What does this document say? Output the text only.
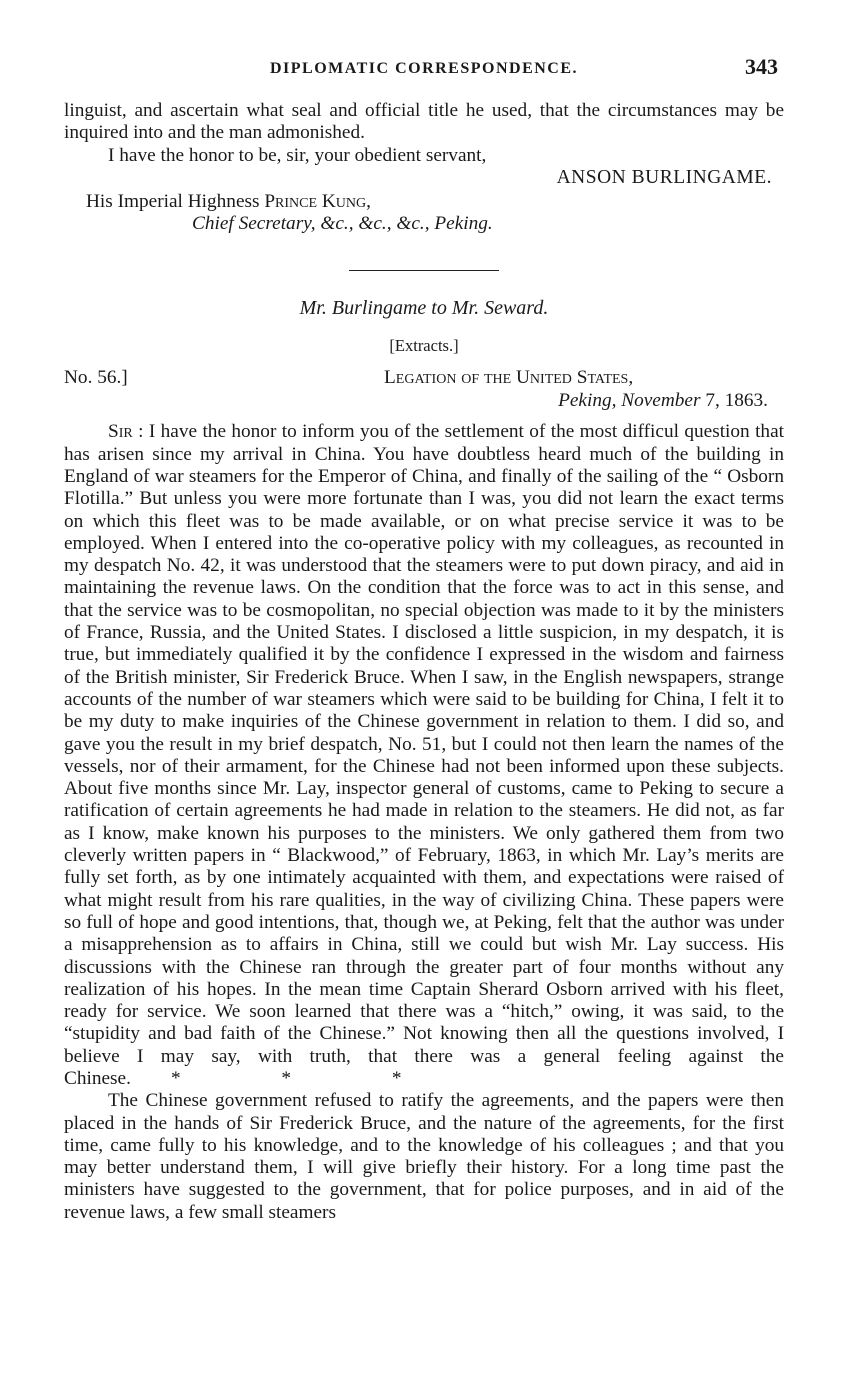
DIPLOMATIC CORRESPONDENCE.	343

linguist, and ascertain what seal and official title he used, that the circumstances may be inquired into and the man admonished.

I have the honor to be, sir, your obedient servant,

ANSON BURLINGAME.

His Imperial Highness Prince Kung,

Chief Secretary, &c., &c., &c., Peking.

Mr. Burlingame to Mr. Seward.

[Extracts.]

No. 56.]	Legation of the United States,
Peking, November 7, 1863.

Sir : I have the honor to inform you of the settlement of the most difficul question that has arisen since my arrival in China. You have doubtless heard much of the building in England of war steamers for the Emperor of China, and finally of the sailing of the “ Osborn Flotilla.” But unless you were more fortunate than I was, you did not learn the exact terms on which this fleet was to be made available, or on what precise service it was to be employed. When I entered into the co-operative policy with my colleagues, as recounted in my despatch No. 42, it was understood that the steamers were to put down piracy, and aid in maintaining the revenue laws. On the condition that the force was to act in this sense, and that the service was to be cosmopolitan, no special objection was made to it by the ministers of France, Russia, and the United States. I disclosed a little suspicion, in my despatch, it is true, but immediately qualified it by the confidence I expressed in the wisdom and fairness of the British minister, Sir Frederick Bruce. When I saw, in the English newspapers, strange accounts of the number of war steamers which were said to be building for China, I felt it to be my duty to make inquiries of the Chinese government in relation to them. I did so, and gave you the result in my brief despatch, No. 51, but I could not then learn the names of the vessels, nor of their armament, for the Chinese had not been informed upon these subjects. About five months since Mr. Lay, inspector general of customs, came to Peking to secure a ratification of certain agreements he had made in relation to the steamers. He did not, as far as I know, make known his purposes to the ministers. We only gathered them from two cleverly written papers in “ Blackwood,” of February, 1863, in which Mr. Lay’s merits are fully set forth, as by one intimately acquainted with them, and expectations were raised of what might result from his rare qualities, in the way of civilizing China. These papers were so full of hope and good intentions, that, though we, at Peking, felt that the author was under a misapprehension as to affairs in China, still we could but wish Mr. Lay success. His discussions with the Chinese ran through the greater part of four months without any realization of his hopes. In the mean time Captain Sherard Osborn arrived with his fleet, ready for service. We soon learned that there was a “hitch,” owing, it was said, to the “stupidity and bad faith of the Chinese.” Not knowing then all the questions involved, I believe I may say, with truth, that there was a general feeling against the Chinese. * * *

The Chinese government refused to ratify the agreements, and the papers were then placed in the hands of Sir Frederick Bruce, and the nature of the agreements, for the first time, came fully to his knowledge, and to the knowledge of his colleagues ; and that you may better understand them, I will give briefly their history. For a long time past the ministers have suggested to the government, that for police purposes, and in aid of the revenue laws, a few small steamers
